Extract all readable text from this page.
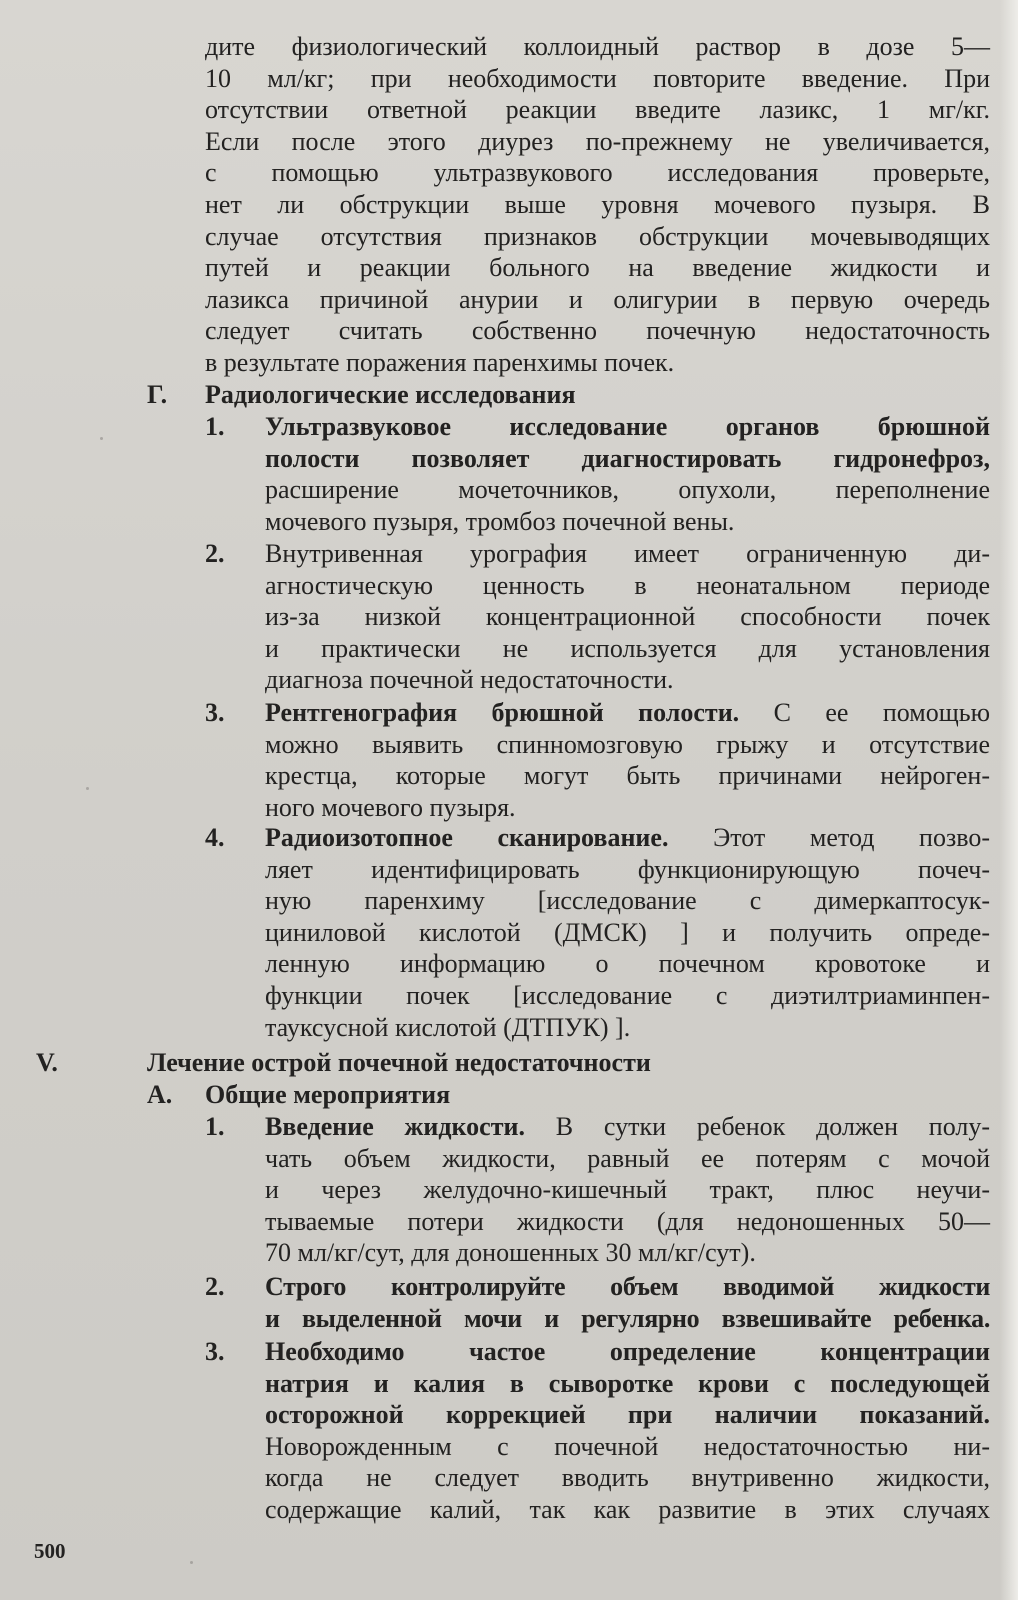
дите физиологический коллоидный раствор в дозе 5—
10 мл/кг; при необходимости повторите введение. При
отсутствии ответной реакции введите лазикс, 1 мг/кг.
Если после этого диурез по-прежнему не увеличивается,
с помощью ультразвукового исследования проверьте,
нет ли обструкции выше уровня мочевого пузыря. В
случае отсутствия признаков обструкции мочевыводящих
путей и реакции больного на введение жидкости и
лазикса причиной анурии и олигурии в первую очередь
следует считать собственно почечную недостаточность
в результате поражения паренхимы почек.
Г. Радиологические исследования
1. Ультразвуковое исследование органов брюшной
полости позволяет диагностировать гидронефроз,
расширение мочеточников, опухоли, переполнение
мочевого пузыря, тромбоз почечной вены.
2. Внутривенная урография имеет ограниченную ди-
агностическую ценность в неонатальном периоде
из-за низкой концентрационной способности почек
и практически не используется для установления
диагноза почечной недостаточности.
3. Рентгенография брюшной полости. С ее помощью
можно выявить спинномозговую грыжу и отсутствие
крестца, которые могут быть причинами нейроген-
ного мочевого пузыря.
4. Радиоизотопное сканирование. Этот метод позво-
ляет идентифицировать функционирующую почеч-
ную паренхиму [исследование с димеркаптосук-
циниловой кислотой (ДМСК) ] и получить опреде-
ленную информацию о почечном кровотоке и
функции почек [исследование с диэтилтриаминпен-
тауксусной кислотой (ДТПУК) ].
V.	Лечение острой почечной недостаточности
А. Общие мероприятия
1. Введение жидкости. В сутки ребенок должен полу-
чать объем жидкости, равный ее потерям с мочой
и через желудочно-кишечный тракт, плюс неучи-
тываемые потери жидкости (для недоношенных 50—
70 мл/кг/сут, для доношенных 30 мл/кг/сут).
2. Строго контролируйте объем вводимой жидкости
и выделенной мочи и регулярно взвешивайте ребенка.
3. Необходимо частое определение концентрации
натрия и калия в сыворотке крови с последующей
осторожной коррекцией при наличии показаний.
Новорожденным с почечной недостаточностью ни-
когда не следует вводить внутривенно жидкости,
содержащие калий, так как развитие в этих случаях
500
